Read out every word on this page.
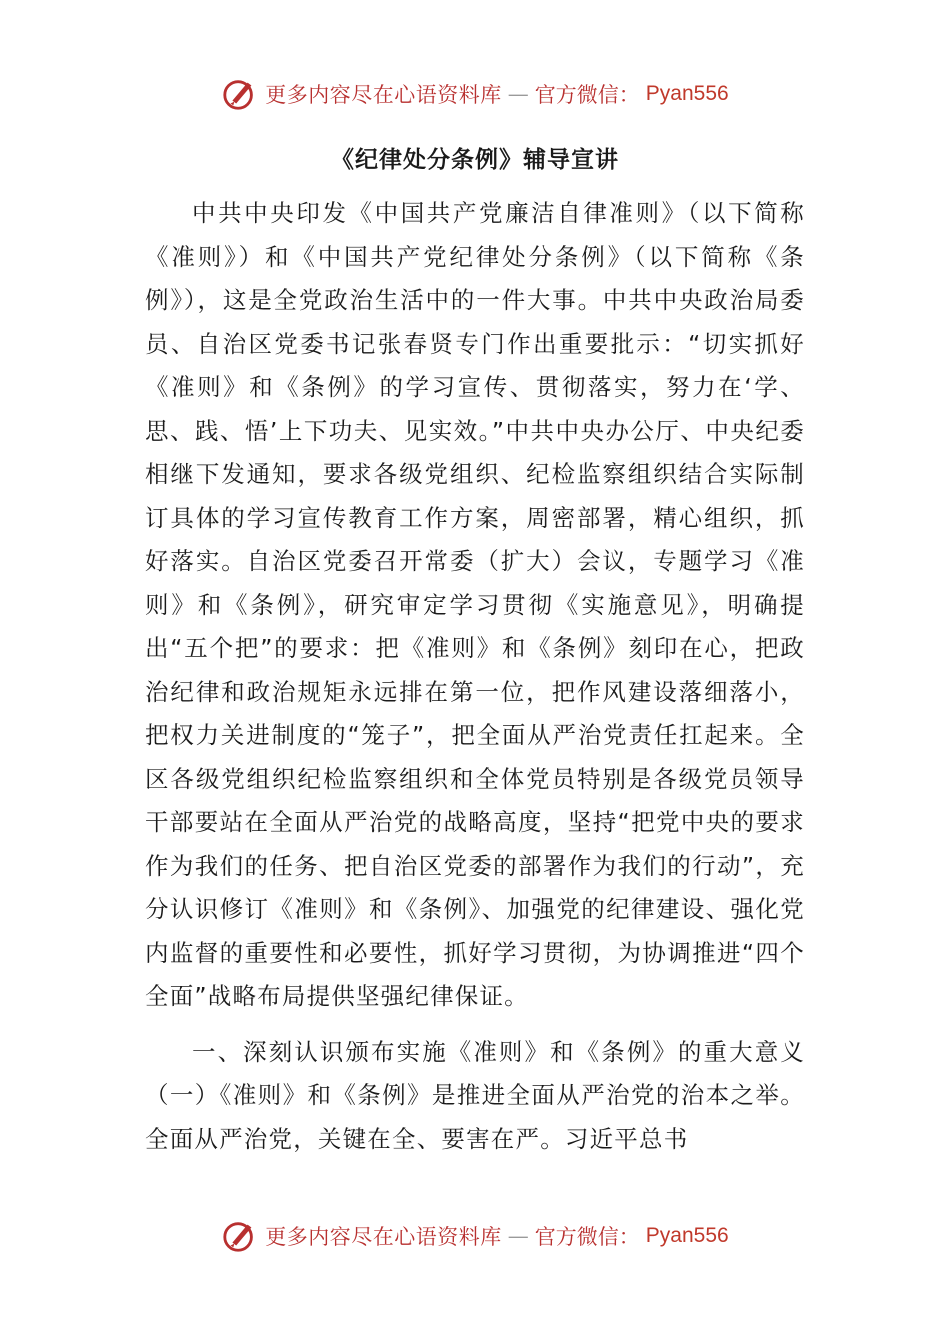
更多内容尽在心语资料库 — 官方微信： Pyan556
《纪律处分条例》辅导宣讲

中共中央印发《中国共产党廉洁自律准则》（以下简称《准则》）和《中国共产党纪律处分条例》（以下简称《条例》），这是全党政治生活中的一件大事。中共中央政治局委员、自治区党委书记张春贤专门作出重要批示：“切实抓好《准则》和《条例》的学习宣传、贯彻落实，努力在‘学、思、践、悟’上下功夫、见实效。”中共中央办公厅、中央纪委相继下发通知，要求各级党组织、纪检监察组织结合实际制订具体的学习宣传教育工作方案，周密部署，精心组织，抓好落实。自治区党委召开常委（扩大）会议，专题学习《准则》和《条例》，研究审定学习贯彻《实施意见》，明确提出“五个把”的要求：把《准则》和《条例》刻印在心，把政治纪律和政治规矩永远排在第一位，把作风建设落细落小，把权力关进制度的“笼子”，把全面从严治党责任扛起来。全区各级党组织纪检监察组织和全体党员特别是各级党员领导干部要站在全面从严治党的战略高度，坚持“把党中央的要求作为我们的任务、把自治区党委的部署作为我们的行动”，充分认识修订《准则》和《条例》、加强党的纪律建设、强化党内监督的重要性和必要性，抓好学习贯彻，为协调推进“四个全面”战略布局提供坚强纪律保证。

一、深刻认识颁布实施《准则》和《条例》的重大意义（一）《准则》和《条例》是推进全面从严治党的治本之举。全面从严治党，关键在全、要害在严。习近平总书

更多内容尽在心语资料库 — 官方微信： Pyan556
